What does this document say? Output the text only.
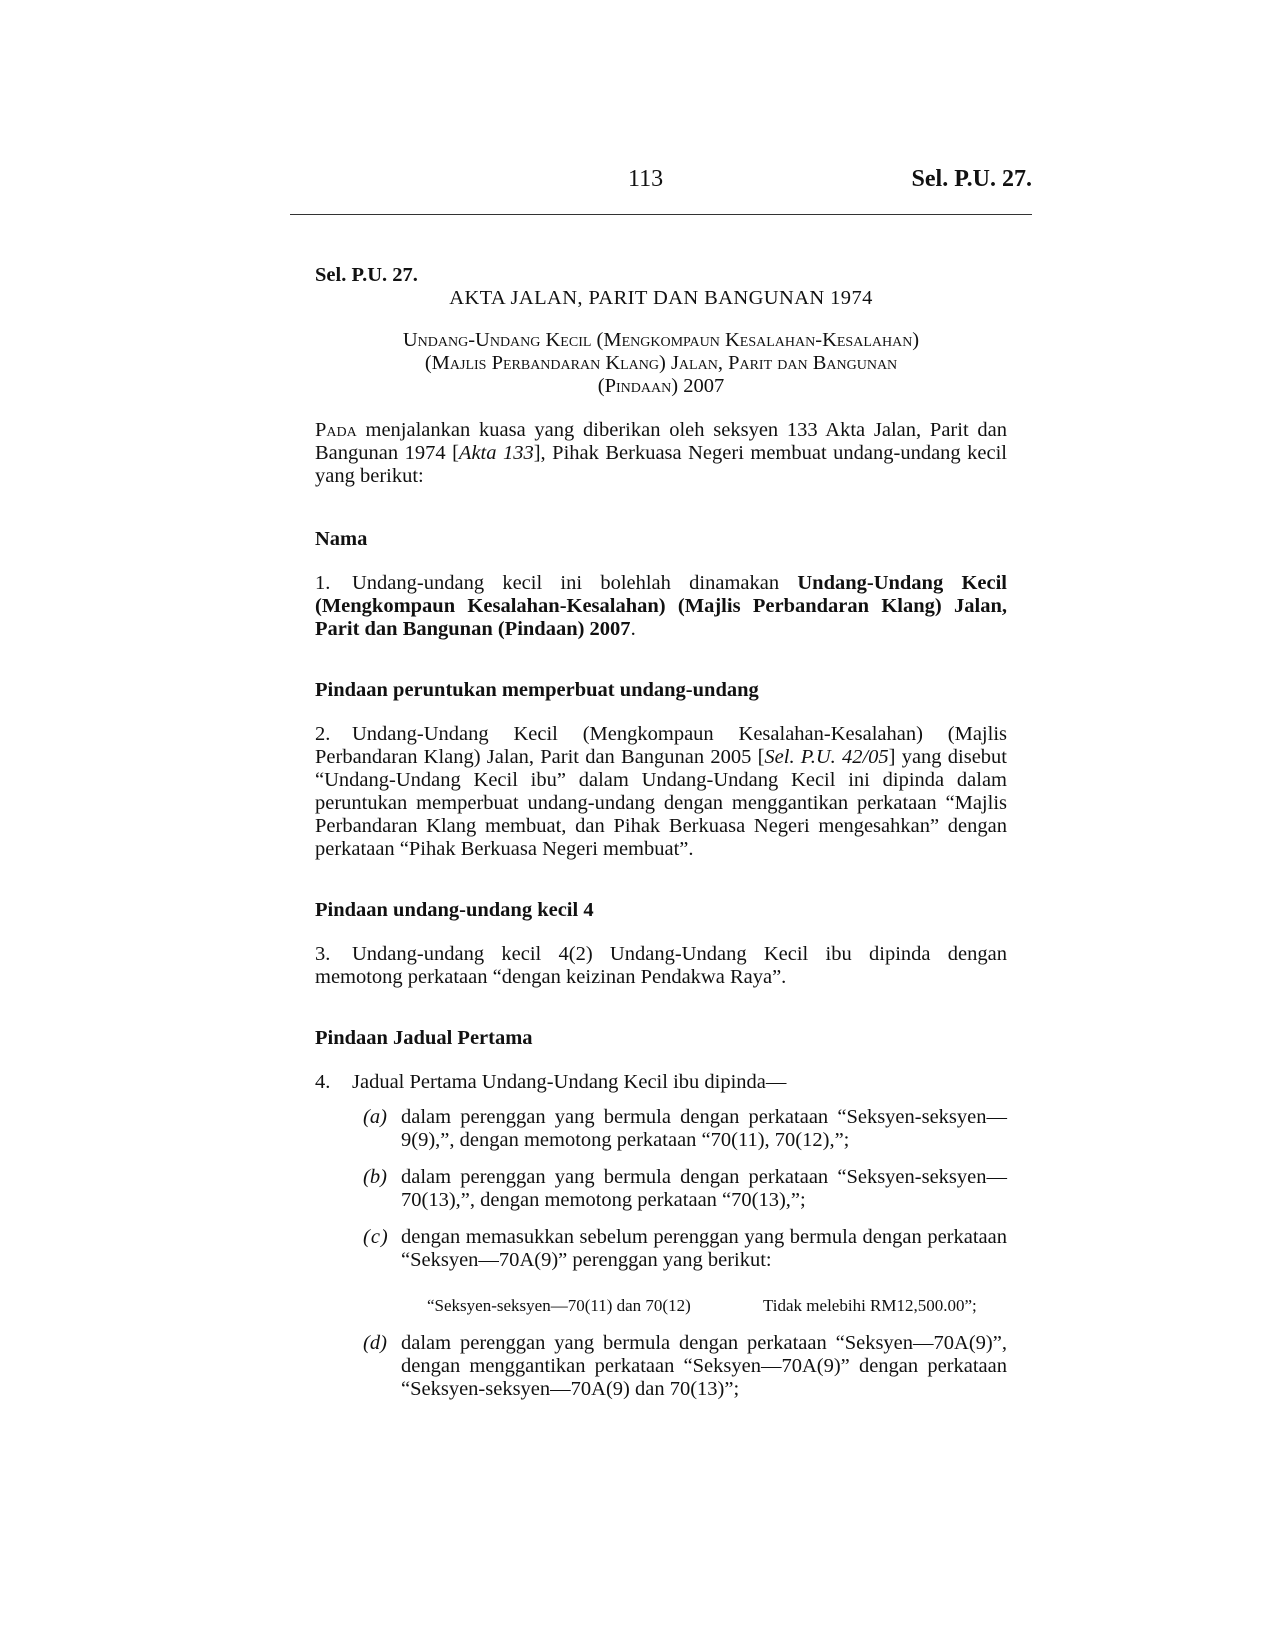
113	Sel. P.U. 27.

Sel. P.U. 27.

AKTA JALAN, PARIT DAN BANGUNAN 1974

Undang-Undang Kecil (Mengkompaun Kesalahan-Kesalahan)
(Majlis Perbandaran Klang) Jalan, Parit dan Bangunan
(Pindaan) 2007

Pada menjalankan kuasa yang diberikan oleh seksyen 133 Akta Jalan, Parit dan Bangunan 1974 [Akta 133], Pihak Berkuasa Negeri membuat undang-undang kecil yang berikut:

Nama

1. Undang-undang kecil ini bolehlah dinamakan Undang-Undang Kecil (Mengkompaun Kesalahan-Kesalahan) (Majlis Perbandaran Klang) Jalan, Parit dan Bangunan (Pindaan) 2007.

Pindaan peruntukan memperbuat undang-undang

2. Undang-Undang Kecil (Mengkompaun Kesalahan-Kesalahan) (Majlis Perbandaran Klang) Jalan, Parit dan Bangunan 2005 [Sel. P.U. 42/05] yang disebut “Undang-Undang Kecil ibu” dalam Undang-Undang Kecil ini dipinda dalam peruntukan memperbuat undang-undang dengan menggantikan perkataan “Majlis Perbandaran Klang membuat, dan Pihak Berkuasa Negeri mengesahkan” dengan perkataan “Pihak Berkuasa Negeri membuat”.

Pindaan undang-undang kecil 4

3. Undang-undang kecil 4(2) Undang-Undang Kecil ibu dipinda dengan memotong perkataan “dengan keizinan Pendakwa Raya”.

Pindaan Jadual Pertama

4. Jadual Pertama Undang-Undang Kecil ibu dipinda—

(a) dalam perenggan yang bermula dengan perkataan “Seksyen-seksyen—9(9),”, dengan memotong perkataan “70(11), 70(12),”;
(b) dalam perenggan yang bermula dengan perkataan “Seksyen-seksyen—70(13),”, dengan memotong perkataan “70(13),”;
(c) dengan memasukkan sebelum perenggan yang bermula dengan perkataan “Seksyen—70A(9)” perenggan yang berikut:
“Seksyen-seksyen—70(11) dan 70(12)	Tidak melebihi RM12,500.00”;
(d) dalam perenggan yang bermula dengan perkataan “Seksyen—70A(9)”, dengan menggantikan perkataan “Seksyen—70A(9)” dengan perkataan “Seksyen-seksyen—70A(9) dan 70(13)”;
